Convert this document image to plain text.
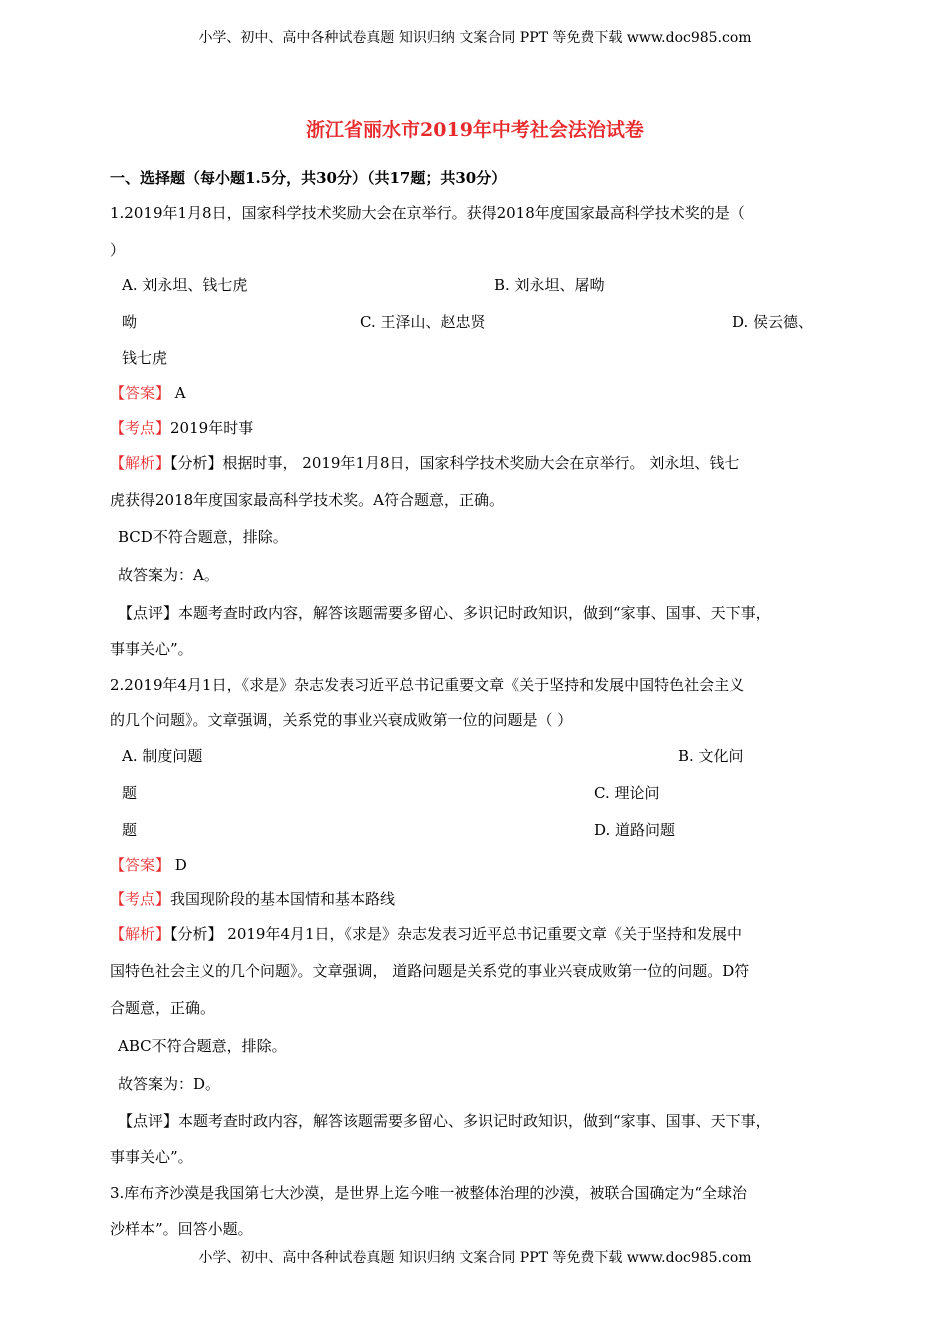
小学、初中、高中各种试卷真题 知识归纳 文案合同 PPT 等免费下载 www.doc985.com
浙江省丽水市2019年中考社会法治试卷
一、选择题（每小题1.5分，共30分）（共17题；共30分）
1.2019年1月8日，国家科学技术奖励大会在京举行。获得2018年度国家最高科学技术奖的是（
）
A. 刘永坦、钱七虎	B. 刘永坦、屠呦
呦	C. 王泽山、赵忠贤	D. 侯云德、
钱七虎
【答案】 A
【考点】2019年时事
【解析】【分析】根据时事， 2019年1月8日，国家科学技术奖励大会在京举行。 刘永坦、钱七
虎获得2018年度国家最高科学技术奖。A符合题意，正确。
BCD不符合题意，排除。
故答案为：A。
【点评】本题考查时政内容，解答该题需要多留心、多识记时政知识，做到“家事、国事、天下事，
事事关心”。
2.2019年4月1日，《求是》杂志发表习近平总书记重要文章《关于坚持和发展中国特色社会主义
的几个问题》。文章强调，关系党的事业兴衰成败第一位的问题是（ ）
A. 制度问题	B. 文化问
题	C. 理论问
题	D. 道路问题
【答案】 D
【考点】我国现阶段的基本国情和基本路线
【解析】【分析】 2019年4月1日，《求是》杂志发表习近平总书记重要文章《关于坚持和发展中
国特色社会主义的几个问题》。文章强调， 道路问题是关系党的事业兴衰成败第一位的问题。D符
合题意，正确。
ABC不符合题意，排除。
故答案为：D。
【点评】本题考查时政内容，解答该题需要多留心、多识记时政知识，做到“家事、国事、天下事，
事事关心”。
3.库布齐沙漠是我国第七大沙漠，是世界上迄今唯一被整体治理的沙漠，被联合国确定为“全球治
沙样本”。回答小题。
小学、初中、高中各种试卷真题 知识归纳 文案合同 PPT 等免费下载 www.doc985.com
